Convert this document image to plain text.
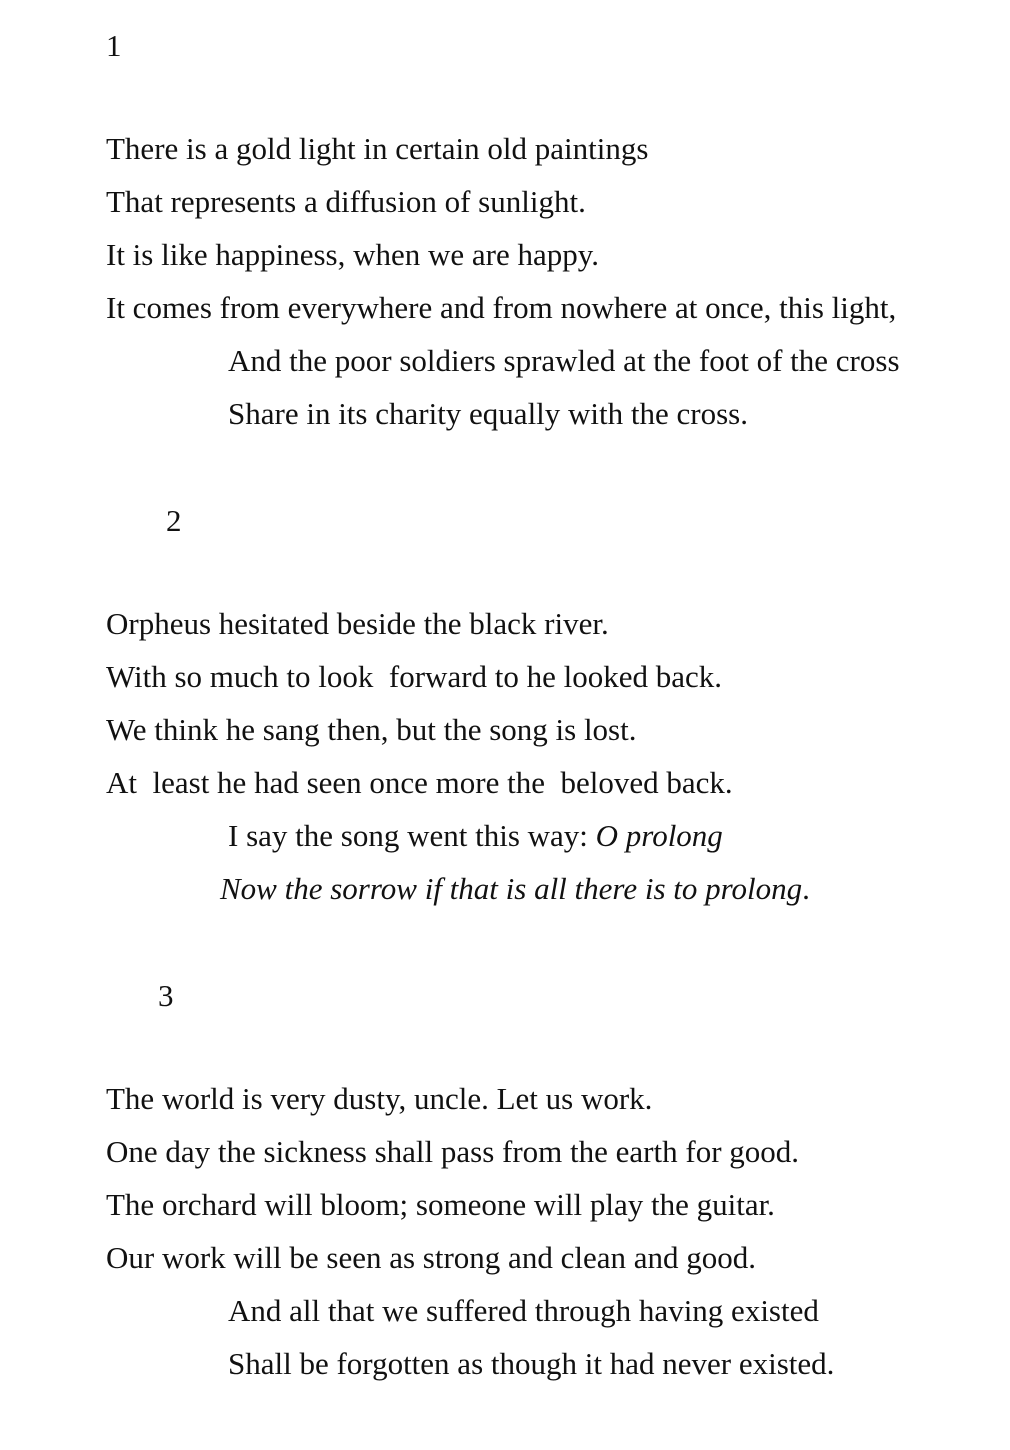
1
There is a gold light in certain old paintings
That represents a diffusion of sunlight.
It is like happiness, when we are happy.
It comes from everywhere and from nowhere at once, this light,
And the poor soldiers sprawled at the foot of the cross
Share in its charity equally with the cross.
2
Orpheus hesitated beside the black river.
With so much to look  forward to he looked back.
We think he sang then, but the song is lost.
At  least he had seen once more the  beloved back.
I say the song went this way: O prolong
Now the sorrow if that is all there is to prolong.
3
The world is very dusty, uncle. Let us work.
One day the sickness shall pass from the earth for good.
The orchard will bloom; someone will play the guitar.
Our work will be seen as strong and clean and good.
And all that we suffered through having existed
Shall be forgotten as though it had never existed.
